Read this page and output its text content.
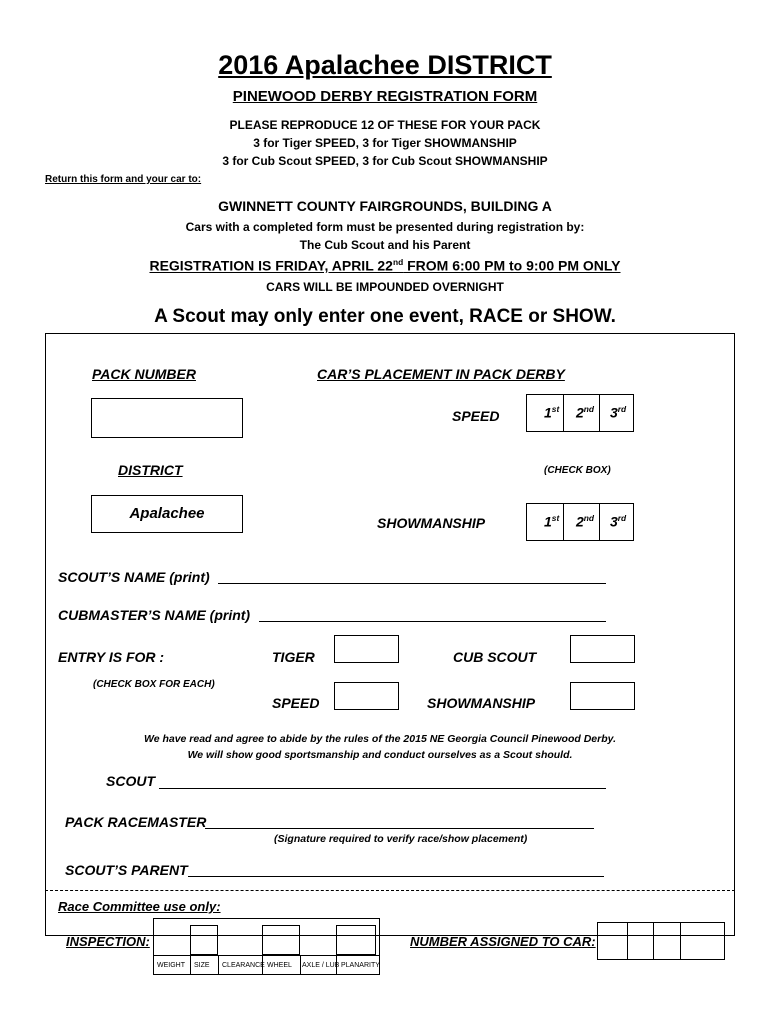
2016 Apalachee DISTRICT
PINEWOOD DERBY REGISTRATION FORM
PLEASE REPRODUCE 12 OF THESE FOR YOUR PACK
3 for Tiger SPEED, 3 for Tiger SHOWMANSHIP
3 for Cub Scout SPEED, 3 for Cub Scout SHOWMANSHIP
Return this form and your car to:
GWINNETT COUNTY FAIRGROUNDS, BUILDING A
Cars with a completed form must be presented during registration by:
The Cub Scout and his Parent
REGISTRATION IS FRIDAY, APRIL 22nd FROM 6:00 PM to 9:00 PM ONLY
CARS WILL BE IMPOUNDED OVERNIGHT
A Scout may only enter one event, RACE or SHOW.
PACK NUMBER	CAR’S PLACEMENT IN PACK DERBY
SPEED	1st 2nd 3rd
DISTRICT	(CHECK BOX)
Apalachee
SHOWMANSHIP	1st 2nd 3rd
SCOUT’S NAME (print)
CUBMASTER’S NAME (print)
ENTRY IS FOR :	TIGER	CUB SCOUT
(CHECK BOX FOR EACH)
SPEED	SHOWMANSHIP
We have read and agree to abide by the rules of the 2015 NE Georgia Council Pinewood Derby.
We will show good sportsmanship and conduct ourselves as a Scout should.
SCOUT
PACK RACEMASTER
(Signature required to verify race/show placement)
SCOUT’S PARENT
Race Committee use only:
INSPECTION:	NUMBER ASSIGNED TO CAR:
WEIGHT SIZE CLEARANCE WHEEL AXLE / LUB PLANARITY
